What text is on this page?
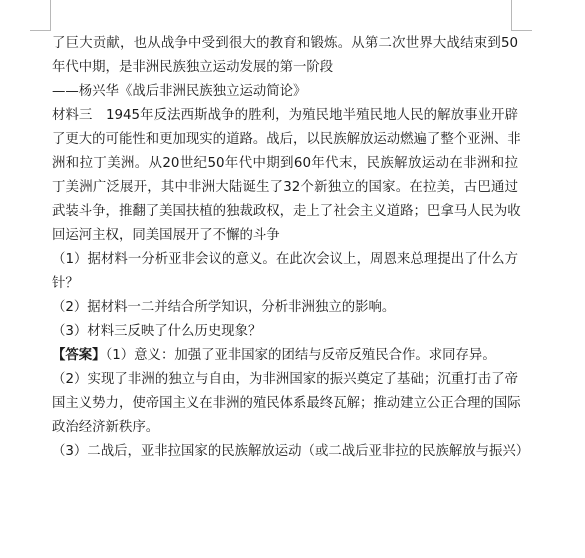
了巨大贡献，也从战争中受到很大的教育和锻炼。从第二次世界大战结束到50
年代中期，是非洲民族独立运动发展的第一阶段
——杨兴华《战后非洲民族独立运动简论》
材料三　1945年反法西斯战争的胜利，为殖民地半殖民地人民的解放事业开辟
了更大的可能性和更加现实的道路。战后，以民族解放运动燃遍了整个亚洲、非
洲和拉丁美洲。从20世纪50年代中期到60年代末，民族解放运动在非洲和拉
丁美洲广泛展开，其中非洲大陆诞生了32个新独立的国家。在拉美，古巴通过
武装斗争，推翻了美国扶植的独裁政权，走上了社会主义道路；巴拿马人民为收
回运河主权，同美国展开了不懈的斗争
（1）据材料一分析亚非会议的意义。在此次会议上，周恩来总理提出了什么方
针？
（2）据材料一二并结合所学知识，分析非洲独立的影响。
（3）材料三反映了什么历史现象？
【答案】（1）意义：加强了亚非国家的团结与反帝反殖民合作。求同存异。
（2）实现了非洲的独立与自由，为非洲国家的振兴奠定了基础；沉重打击了帝
国主义势力，使帝国主义在非洲的殖民体系最终瓦解；推动建立公正合理的国际
政治经济新秩序。
（3）二战后，亚非拉国家的民族解放运动（或二战后亚非拉的民族解放与振兴）
